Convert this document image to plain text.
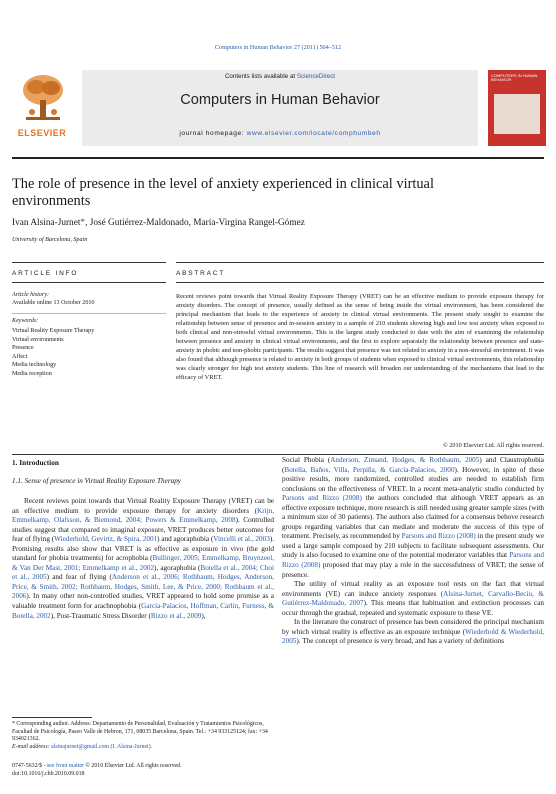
Computers in Human Behavior 27 (2011) 504–512
ELSEVIER
Contents lists available at ScienceDirect
Computers in Human Behavior
journal homepage: www.elsevier.com/locate/comphumbeh
COMPUTERS IN HUMAN BEHAVIOR
The role of presence in the level of anxiety experienced in clinical virtual environments
Ivan Alsina-Jurnet*, José Gutiérrez-Maldonado, María-Virgina Rangel-Gómez
University of Barcelona, Spain
ARTICLE INFO	ABSTRACT
Article history:
Available online 13 October 2010
Keywords:
Virtual Reality Exposure Therapy
Virtual environments
Presence
Affect
Media technology
Media reception
Recent reviews point towards that Virtual Reality Exposure Therapy (VRET) can be an effective medium to provide exposure therapy for anxiety disorders. The concept of presence, usually defined as the sense of being inside the virtual environment, has been considered the principal mechanism that leads to the experience of anxiety in clinical virtual environments. The present study sought to examine the relationship between sense of presence and in-session anxiety in a sample of 210 students showing high and low test anxiety when exposed to both clinical and non-stressful virtual environments. This is the largest study conducted to date with the aim of examining the relationship between presence and anxiety in clinical virtual environments, and the first to explore separately the relationship between presence and state-anxiety in phobic and non-phobic participants. The results suggest that presence was not related to anxiety in a non-stressful environment. It was also found that although presence is related to anxiety in both groups of students when exposed to clinical virtual environments, this relationship was clearly stronger for high test anxiety students. This line of research will broaden our understanding of the mechanisms that lead to the efficacy of VRET.
© 2010 Elsevier Ltd. All rights reserved.
1. Introduction
1.1. Sense of presence in Virtual Reality Exposure Therapy

Recent reviews point towards that Virtual Reality Exposure Therapy (VRET) can be an effective medium to provide exposure therapy for anxiety disorders (Krijn, Emmelkamp, Olafsson, & Biemond, 2004; Powers & Emmelkamp, 2008). Controlled studies suggest that compared to imaginal exposure, VRET produces better outcomes for fear of flying (Wiederhold, Gevirtz, & Spira, 2001) and agoraphobia (Vincelli et al., 2003). Promising results also show that VRET is as effective as exposure in vivo (the gold standard for phobia treatments) for acrophobia (Bullinger, 2005; Emmelkamp, Bruynzeel, & Van Der Mast, 2001; Emmelkamp et al., 2002), agoraphobia (Botella et al., 2004; Choi et al., 2005) and fear of flying (Anderson et al., 2006; Rothbaum, Hodges, Anderson, Price, & Smith, 2002; Rothbaum, Hodges, Smith, Lee, & Price, 2000; Rothbaum et al., 2006). In many other non-controlled studies, VRET appeared to hold some promise as a valuable treatment form for arachnophobia (García-Palacios, Hoffman, Carlin, Furness, & Botella, 2002), Post-Traumatic Stress Disorder (Rizzo et al., 2009),

Social Phobia (Anderson, Zimand, Hodges, & Rothbaum, 2005) and Claustrophobia (Botella, Baños, Villa, Perpiña, & García-Palacios, 2000). However, in spite of these positive results, more randomized, controlled studies are needed to establish firm conclusions on the effectiveness of VRET. In a recent meta-analytic studio conducted by Parsons and Rizzo (2008) the authors concluded that although VRET appears as an effective exposure technique, more research is still needed using greater sample sizes (with a minimum size of 30 patients). The authors also claimed for a consensus behove research groups regarding variables that can mediate and moderate the success of this type of treatment. Precisely, as recommended by Parsons and Rizzo (2008) in the present study we used a large sample composed by 210 subjects to facilitate subsequent assessments. Our study is also focused to examine one of the potential moderator variables that Parsons and Rizzo (2008) proposed that may play a role in the successfulness of VRET; the sense of presence.

The utility of virtual reality as an exposure tool rests on the fact that virtual environments (VE) can induce anxiety responses (Alsina-Jurnet, Carvallo-Beciu, & Gutiérrez-Maldonado, 2007). This means that habituation and extinction processes can occur through the gradual, repeated and systematic exposure to these VE.

In the literature the construct of presence has been considered the principal mechanism by which virtual reality is effective as an exposure technique (Wiederhold & Wiederhold, 2005). The concept of presence is very broad, and has a variety of definitions

* Corresponding author. Address: Departamento de Personalidad, Evaluación y Tratamientos Psicológicos, Facultad de Psicología, Paseo Valle de Hebron, 171, 08035 Barcelona, Spain. Tel.: +34 933125124; fax: +34 934021362.
E-mail address: alsinajurnet@gmail.com (I. Alsina-Jurnet).
0747-5632/$ - see front matter © 2010 Elsevier Ltd. All rights reserved.
doi:10.1016/j.chb.2010.09.018
